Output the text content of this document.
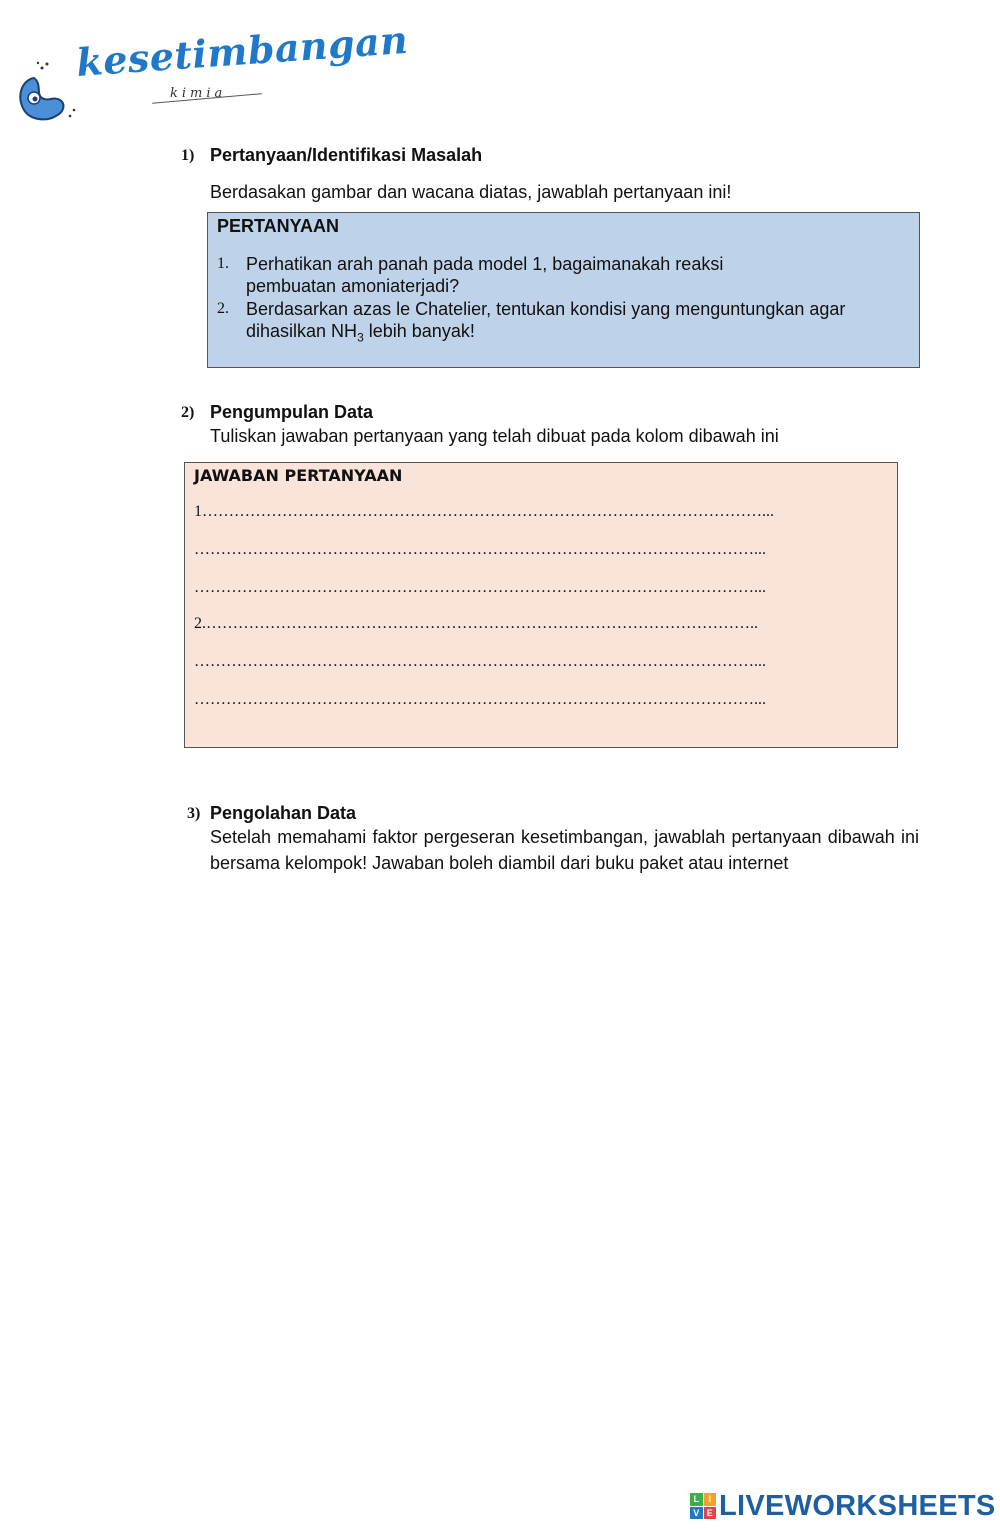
kesetimbangan
kimia
1) Pertanyaan/Identifikasi Masalah
Berdasakan gambar dan wacana diatas, jawablah pertanyaan ini!
PERTANYAAN
1. Perhatikan arah panah pada model 1, bagaimanakah reaksi
pembuatan amoniaterjadi?
2. Berdasarkan azas le Chatelier, tentukan kondisi yang menguntungkan agar
dihasilkan $NH_3$ lebih banyak!
2) Pengumpulan Data
Tuliskan jawaban pertanyaan yang telah dibuat pada kolom dibawah ini
JAWABAN PERTANYAAN
1……………………………………………………………………………………………...
……………………………………………………………………………………………...
……………………………………………………………………………………………...
2.…………………………………………………………………………………………..
……………………………………………………………………………………………...
……………………………………………………………………………………………...
3) Pengolahan Data
Setelah memahami faktor pergeseran kesetimbangan, jawablah pertanyaan dibawah ini bersama kelompok! Jawaban boleh diambil dari buku paket atau internet
L	I
V E LIVEWORKSHEETS
